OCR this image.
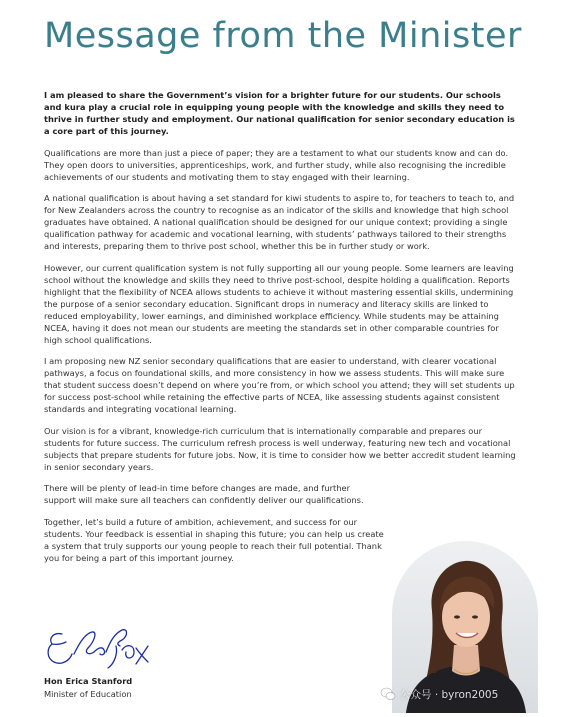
Message from the Minister

I am pleased to share the Government’s vision for a brighter future for our students. Our schools and kura play a crucial role in equipping young people with the knowledge and skills they need to thrive in further study and employment. Our national qualification for senior secondary education is a core part of this journey.

Qualifications are more than just a piece of paper; they are a testament to what our students know and can do. They open doors to universities, apprenticeships, work, and further study, while also recognising the incredible achievements of our students and motivating them to stay engaged with their learning.

A national qualification is about having a set standard for kiwi students to aspire to, for teachers to teach to, and for New Zealanders across the country to recognise as an indicator of the skills and knowledge that high school graduates have obtained. A national qualification should be designed for our unique context; providing a single qualification pathway for academic and vocational learning, with students’ pathways tailored to their strengths and interests, preparing them to thrive post school, whether this be in further study or work.

However, our current qualification system is not fully supporting all our young people. Some learners are leaving school without the knowledge and skills they need to thrive post-school, despite holding a qualification. Reports highlight that the flexibility of NCEA allows students to achieve it without mastering essential skills, undermining the purpose of a senior secondary education. Significant drops in numeracy and literacy skills are linked to reduced employability, lower earnings, and diminished workplace efficiency. While students may be attaining NCEA, having it does not mean our students are meeting the standards set in other comparable countries for high school qualifications.

I am proposing new NZ senior secondary qualifications that are easier to understand, with clearer vocational pathways, a focus on foundational skills, and more consistency in how we assess students. This will make sure that student success doesn’t depend on where you’re from, or which school you attend; they will set students up for success post-school while retaining the effective parts of NCEA, like assessing students against consistent standards and integrating vocational learning.

Our vision is for a vibrant, knowledge-rich curriculum that is internationally comparable and prepares our students for future success. The curriculum refresh process is well underway, featuring new tech and vocational subjects that prepare students for future jobs. Now, it is time to consider how we better accredit student learning in senior secondary years.

There will be plenty of lead-in time before changes are made, and further support will make sure all teachers can confidently deliver our qualifications.

Together, let’s build a future of ambition, achievement, and success for our students. Your feedback is essential in shaping this future; you can help us create a system that truly supports our young people to reach their full potential. Thank you for being a part of this important journey.

Hon Erica Stanford
Minister of Education	公众号 · byron2005
